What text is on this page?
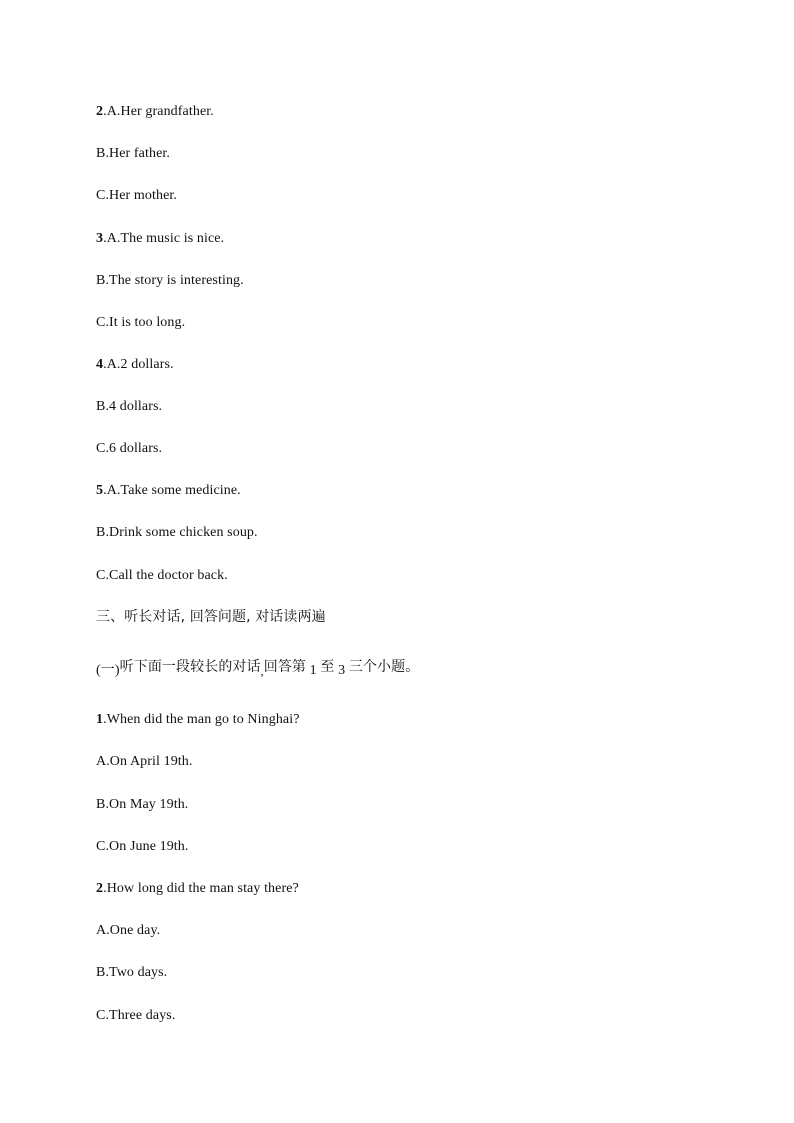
2.A.Her grandfather.
B.Her father.
C.Her mother.
3.A.The music is nice.
B.The story is interesting.
C.It is too long.
4.A.2 dollars.
B.4 dollars.
C.6 dollars.
5.A.Take some medicine.
B.Drink some chicken soup.
C.Call the doctor back.
三、听长对话, 回答问题, 对话读两遍
(一)听下面一段较长的对话,回答第 1 至 3 三个小题。
1.When did the man go to Ninghai?
A.On April 19th.
B.On May 19th.
C.On June 19th.
2.How long did the man stay there?
A.One day.
B.Two days.
C.Three days.
